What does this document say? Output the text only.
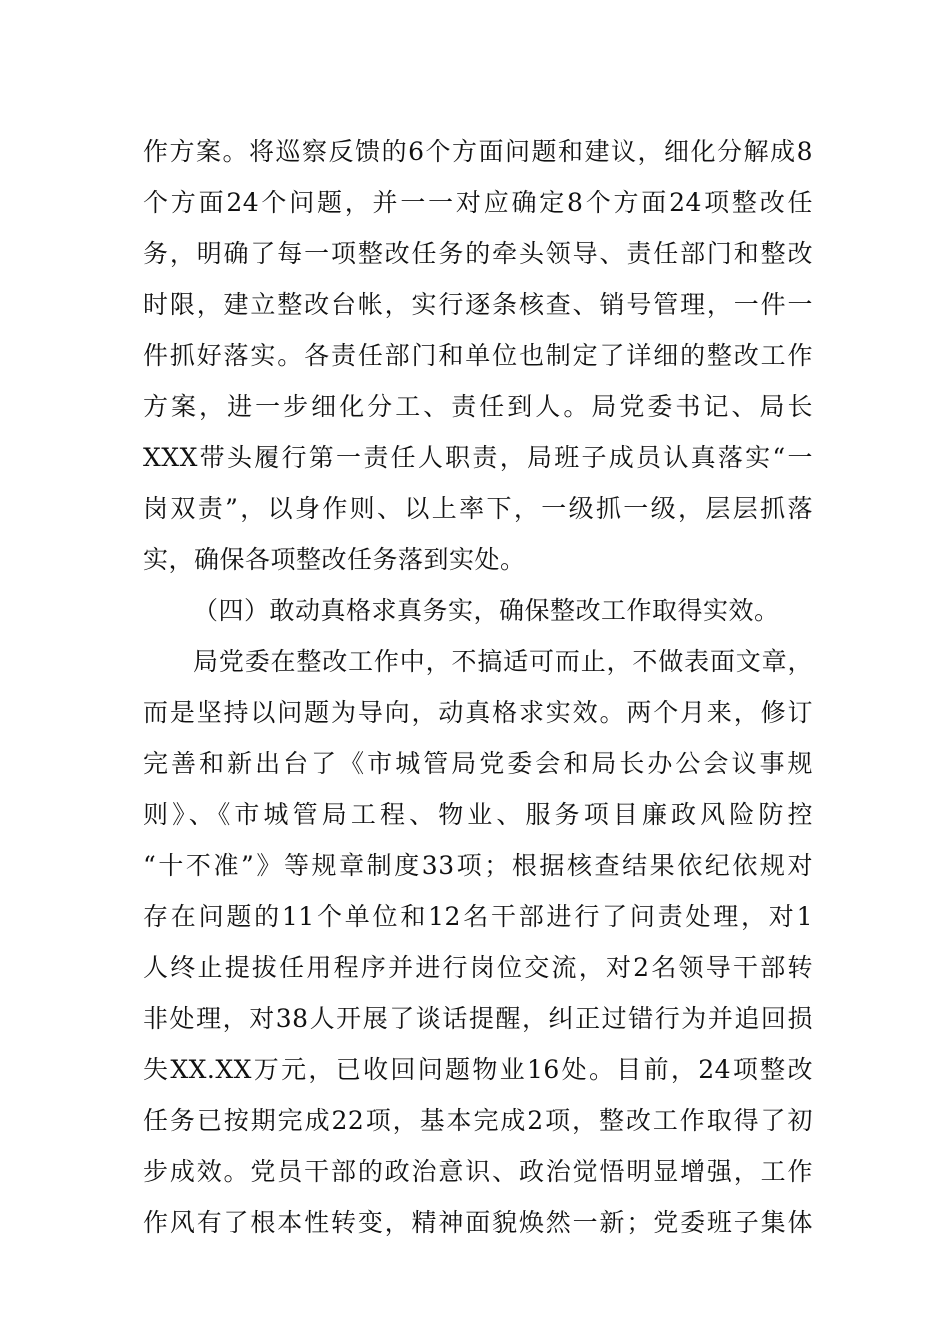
作方案。将巡察反馈的6个方面问题和建议，细化分解成8
个方面24个问题，并一一对应确定8个方面24项整改任
务，明确了每一项整改任务的牵头领导、责任部门和整改
时限，建立整改台帐，实行逐条核查、销号管理，一件一
件抓好落实。各责任部门和单位也制定了详细的整改工作
方案，进一步细化分工、责任到人。局党委书记、局长
XXX带头履行第一责任人职责，局班子成员认真落实“一
岗双责”，以身作则、以上率下，一级抓一级，层层抓落
实，确保各项整改任务落到实处。
（四）敢动真格求真务实，确保整改工作取得实效。
局党委在整改工作中，不搞适可而止，不做表面文章，
而是坚持以问题为导向，动真格求实效。两个月来，修订
完善和新出台了《市城管局党委会和局长办公会议事规
则》、《市城管局工程、物业、服务项目廉政风险防控
“十不准”》等规章制度33项；根据核查结果依纪依规对
存在问题的11个单位和12名干部进行了问责处理，对1
人终止提拔任用程序并进行岗位交流，对2名领导干部转
非处理，对38人开展了谈话提醒，纠正过错行为并追回损
失XX.XX万元，已收回问题物业16处。目前，24项整改
任务已按期完成22项，基本完成2项，整改工作取得了初
步成效。党员干部的政治意识、政治觉悟明显增强，工作
作风有了根本性转变，精神面貌焕然一新；党委班子集体
